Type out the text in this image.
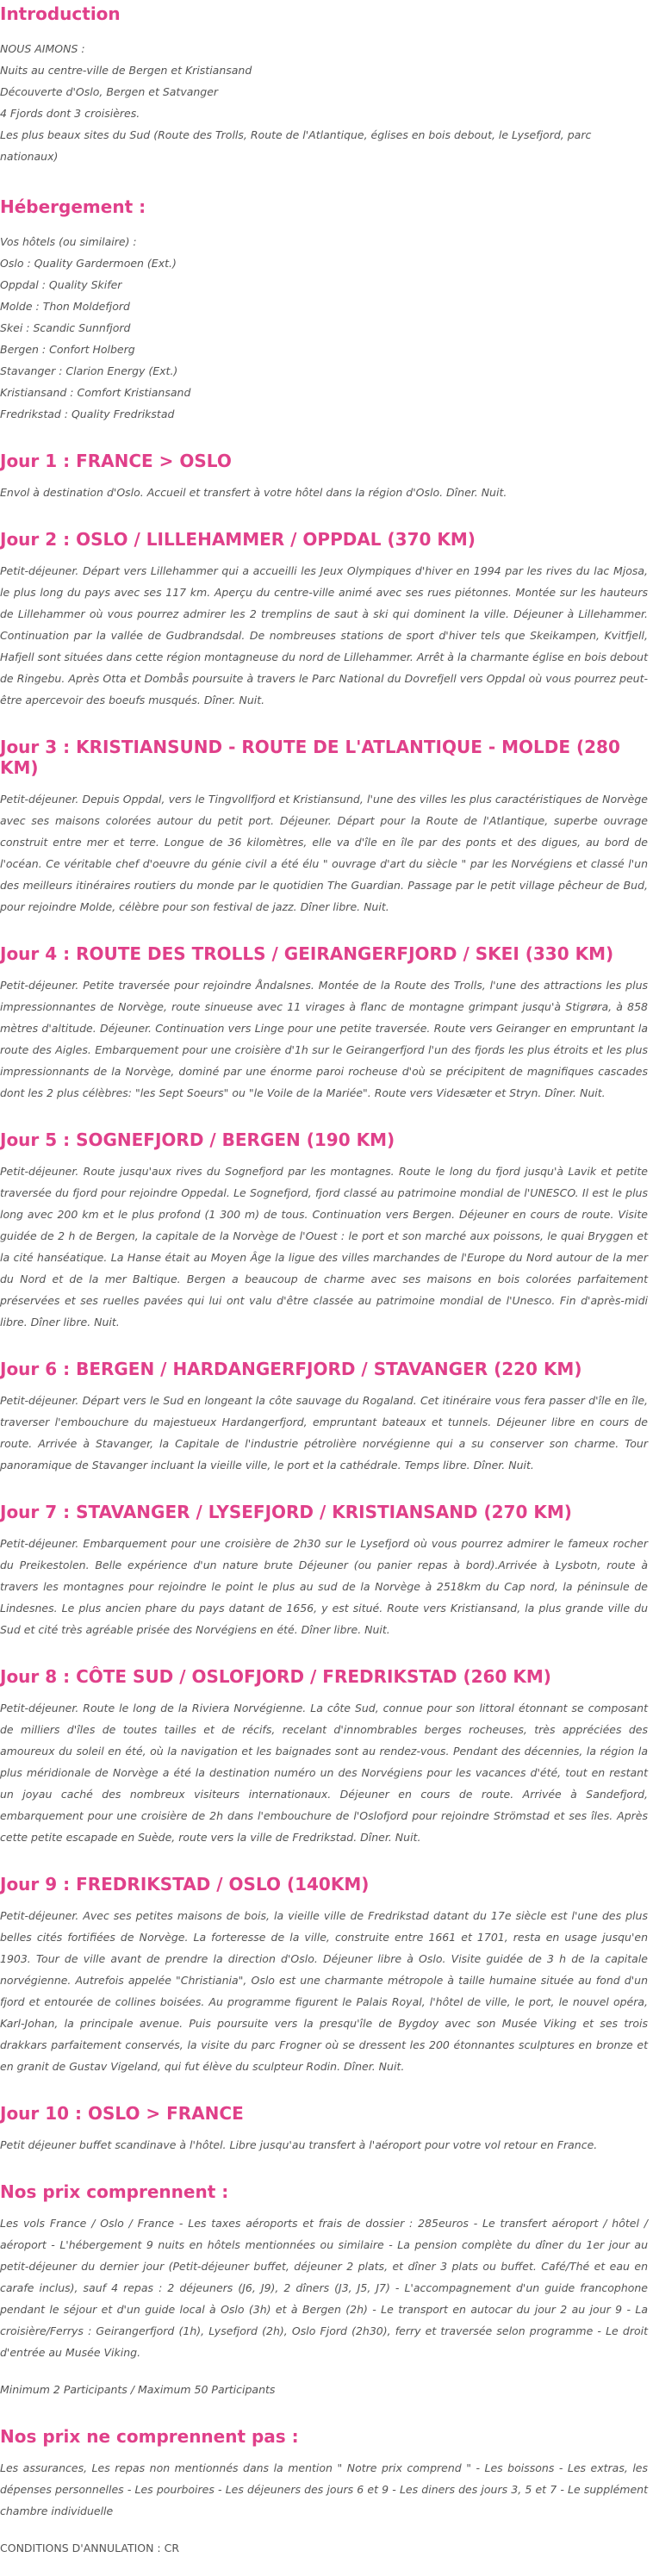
Introduction

NOUS AIMONS :

Nuits au centre-ville de Bergen et Kristiansand

Découverte d'Oslo, Bergen et Satvanger

4 Fjords dont 3 croisières.

Les plus beaux sites du Sud (Route des Trolls, Route de l'Atlantique, églises en bois debout, le Lysefjord, parc nationaux)

Hébergement :

Vos hôtels (ou similaire) :

Oslo : Quality Gardermoen (Ext.)

Oppdal : Quality Skifer

Molde : Thon Moldefjord

Skei : Scandic Sunnfjord

Bergen : Confort Holberg

Stavanger : Clarion Energy (Ext.)

Kristiansand : Comfort Kristiansand

Fredrikstad : Quality Fredrikstad

Jour 1 : FRANCE > OSLO

Envol à destination d'Oslo. Accueil et transfert à votre hôtel dans la région d'Oslo. Dîner. Nuit.

Jour 2 : OSLO / LILLEHAMMER / OPPDAL (370 KM)

Petit-déjeuner. Départ vers Lillehammer qui a accueilli les Jeux Olympiques d'hiver en 1994 par les rives du lac Mjosa, le plus long du pays avec ses 117 km. Aperçu du centre-ville animé avec ses rues piétonnes. Montée sur les hauteurs de Lillehammer où vous pourrez admirer les 2 tremplins de saut à ski qui dominent la ville. Déjeuner à Lillehammer. Continuation par la vallée de Gudbrandsdal. De nombreuses stations de sport d'hiver tels que Skeikampen, Kvitfjell, Hafjell sont situées dans cette région montagneuse du nord de Lillehammer. Arrêt à la charmante église en bois debout de Ringebu. Après Otta et Dombås poursuite à travers le Parc National du Dovrefjell vers Oppdal où vous pourrez peut-être apercevoir des boeufs musqués. Dîner. Nuit.

Jour 3 : KRISTIANSUND - ROUTE DE L'ATLANTIQUE - MOLDE (280 KM)

Petit-déjeuner. Depuis Oppdal, vers le Tingvollfjord et Kristiansund, l'une des villes les plus caractéristiques de Norvège avec ses maisons colorées autour du petit port. Déjeuner. Départ pour la Route de l'Atlantique, superbe ouvrage construit entre mer et terre. Longue de 36 kilomètres, elle va d'île en île par des ponts et des digues, au bord de l'océan. Ce véritable chef d'oeuvre du génie civil a été élu " ouvrage d'art du siècle " par les Norvégiens et classé l'un des meilleurs itinéraires routiers du monde par le quotidien The Guardian. Passage par le petit village pêcheur de Bud, pour rejoindre Molde, célèbre pour son festival de jazz. Dîner libre. Nuit.

Jour 4 : ROUTE DES TROLLS / GEIRANGERFJORD / SKEI (330 KM)

Petit-déjeuner. Petite traversée pour rejoindre Åndalsnes. Montée de la Route des Trolls, l'une des attractions les plus impressionnantes de Norvège, route sinueuse avec 11 virages à flanc de montagne grimpant jusqu'à Stigrøra, à 858 mètres d'altitude. Déjeuner. Continuation vers Linge pour une petite traversée. Route vers Geiranger en empruntant la route des Aigles. Embarquement pour une croisière d'1h sur le Geirangerfjord l'un des fjords les plus étroits et les plus impressionnants de la Norvège, dominé par une énorme paroi rocheuse d'où se précipitent de magnifiques cascades dont les 2 plus célèbres: "les Sept Soeurs" ou "le Voile de la Mariée". Route vers Videsæter et Stryn. Dîner. Nuit.

Jour 5 : SOGNEFJORD / BERGEN (190 KM)

Petit-déjeuner. Route jusqu'aux rives du Sognefjord par les montagnes. Route le long du fjord jusqu'à Lavik et petite traversée du fjord pour rejoindre Oppedal. Le Sognefjord, fjord classé au patrimoine mondial de l'UNESCO. Il est le plus long avec 200 km et le plus profond (1 300 m) de tous. Continuation vers Bergen. Déjeuner en cours de route. Visite guidée de 2 h de Bergen, la capitale de la Norvège de l'Ouest : le port et son marché aux poissons, le quai Bryggen et la cité hanséatique. La Hanse était au Moyen Âge la ligue des villes marchandes de l'Europe du Nord autour de la mer du Nord et de la mer Baltique. Bergen a beaucoup de charme avec ses maisons en bois colorées parfaitement préservées et ses ruelles pavées qui lui ont valu d'être classée au patrimoine mondial de l'Unesco. Fin d'après-midi libre. Dîner libre. Nuit.

Jour 6 : BERGEN / HARDANGERFJORD / STAVANGER (220 KM)

Petit-déjeuner. Départ vers le Sud en longeant la côte sauvage du Rogaland. Cet itinéraire vous fera passer d'île en île, traverser l'embouchure du majestueux Hardangerfjord, empruntant bateaux et tunnels. Déjeuner libre en cours de route. Arrivée à Stavanger, la Capitale de l'industrie pétrolière norvégienne qui a su conserver son charme. Tour panoramique de Stavanger incluant la vieille ville, le port et la cathédrale. Temps libre. Dîner. Nuit.

Jour 7 : STAVANGER / LYSEFJORD / KRISTIANSAND (270 KM)

Petit-déjeuner. Embarquement pour une croisière de 2h30 sur le Lysefjord où vous pourrez admirer le fameux rocher du Preikestolen. Belle expérience d'un nature brute Déjeuner (ou panier repas à bord).Arrivée à Lysbotn, route à travers les montagnes pour rejoindre le point le plus au sud de la Norvège à 2518km du Cap nord, la péninsule de Lindesnes. Le plus ancien phare du pays datant de 1656, y est situé. Route vers Kristiansand, la plus grande ville du Sud et cité très agréable prisée des Norvégiens en été. Dîner libre. Nuit.

Jour 8 : CÔTE SUD / OSLOFJORD / FREDRIKSTAD (260 KM)

Petit-déjeuner. Route le long de la Riviera Norvégienne. La côte Sud, connue pour son littoral étonnant se composant de milliers d'îles de toutes tailles et de récifs, recelant d'innombrables berges rocheuses, très appréciées des amoureux du soleil en été, où la navigation et les baignades sont au rendez-vous. Pendant des décennies, la région la plus méridionale de Norvège a été la destination numéro un des Norvégiens pour les vacances d'été, tout en restant un joyau caché des nombreux visiteurs internationaux. Déjeuner en cours de route. Arrivée à Sandefjord, embarquement pour une croisière de 2h dans l'embouchure de l'Oslofjord pour rejoindre Strömstad et ses îles. Après cette petite escapade en Suède, route vers la ville de Fredrikstad. Dîner. Nuit.

Jour 9 : FREDRIKSTAD / OSLO (140KM)

Petit-déjeuner. Avec ses petites maisons de bois, la vieille ville de Fredrikstad datant du 17e siècle est l'une des plus belles cités fortifiées de Norvège. La forteresse de la ville, construite entre 1661 et 1701, resta en usage jusqu'en 1903. Tour de ville avant de prendre la direction d'Oslo. Déjeuner libre à Oslo. Visite guidée de 3 h de la capitale norvégienne. Autrefois appelée "Christiania", Oslo est une charmante métropole à taille humaine située au fond d'un fjord et entourée de collines boisées. Au programme figurent le Palais Royal, l'hôtel de ville, le port, le nouvel opéra, Karl-Johan, la principale avenue. Puis poursuite vers la presqu'île de Bygdoy avec son Musée Viking et ses trois drakkars parfaitement conservés, la visite du parc Frogner où se dressent les 200 étonnantes sculptures en bronze et en granit de Gustav Vigeland, qui fut élève du sculpteur Rodin. Dîner. Nuit.

Jour 10 : OSLO > FRANCE

Petit déjeuner buffet scandinave à l'hôtel. Libre jusqu'au transfert à l'aéroport pour votre vol retour en France.

Nos prix comprennent :

Les vols France / Oslo / France - Les taxes aéroports et frais de dossier : 285euros - Le transfert aéroport / hôtel / aéroport - L'hébergement 9 nuits en hôtels mentionnées ou similaire - La pension complète du dîner du 1er jour au petit-déjeuner du dernier jour (Petit-déjeuner buffet, déjeuner 2 plats, et dîner 3 plats ou buffet. Café/Thé et eau en carafe inclus), sauf 4 repas : 2 déjeuners (J6, J9), 2 dîners (J3, J5, J7) - L'accompagnement d'un guide francophone pendant le séjour et d'un guide local à Oslo (3h) et à Bergen (2h) - Le transport en autocar du jour 2 au jour 9 - La croisière/Ferrys : Geirangerfjord (1h), Lysefjord (2h), Oslo Fjord (2h30), ferry et traversée selon programme - Le droit d'entrée au Musée Viking.

Minimum 2 Participants / Maximum 50 Participants

Nos prix ne comprennent pas :

Les assurances, Les repas non mentionnés dans la mention " Notre prix comprend " - Les boissons - Les extras, les dépenses personnelles - Les pourboires - Les déjeuners des jours 6 et 9 - Les diners des jours 3, 5 et 7 - Le supplément chambre individuelle

CONDITIONS D'ANNULATION : CR
